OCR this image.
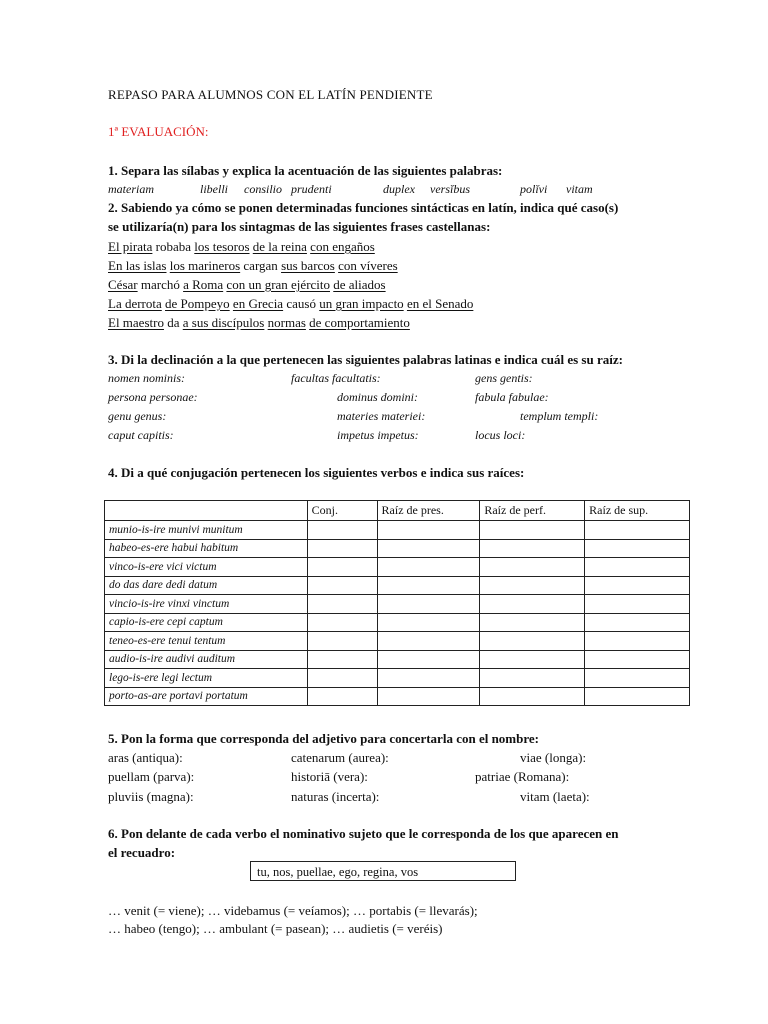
REPASO PARA ALUMNOS CON EL LATÍN PENDIENTE
1ª EVALUACIÓN:
1. Separa las sílabas y explica la acentuación de las siguientes palabras:
materiam	libelli consilio prudenti	duplex versĭbus	polĭvi vitam
2. Sabiendo ya cómo se ponen determinadas funciones sintácticas en latín, indica qué caso(s)
se utilizaría(n) para los sintagmas de las siguientes frases castellanas:
El pirata robaba los tesoros de la reina con engaños
En las islas los marineros cargan sus barcos con víveres
César marchó a Roma con un gran ejército de aliados
La derrota de Pompeyo en Grecia causó un gran impacto en el Senado
El maestro da a sus discípulos normas de comportamiento
3. Di la declinación a la que pertenecen las siguientes palabras latinas e indica cuál es su raíz:
nomen nominis:	facultas facultatis:	gens gentis:
persona personae:	dominus domini:	fabula fabulae:
genu genus:	materies materiei:	templum templi:
caput capitis:	impetus impetus:	locus loci:
4. Di a qué conjugación pertenecen los siguientes verbos e indica sus raíces:
	Conj.	Raíz de pres.	Raíz de perf.	Raíz de sup.
munio-is-ire munivi munitum				
habeo-es-ere habui habitum				
vinco-is-ere vici victum				
do das dare dedi datum				
vincio-is-ire vinxi vinctum				
capio-is-ere cepi captum				
teneo-es-ere tenui tentum				
audio-is-ire audivi auditum				
lego-is-ere legi lectum				
porto-as-are portavi portatum				
5. Pon la forma que corresponda del adjetivo para concertarla con el nombre:
aras (antiqua):	catenarum (aurea):	viae (longa):
puellam (parva):	historiā (vera):	patriae (Romana):
pluviis (magna):	naturas (incerta):	vitam (laeta):
6. Pon delante de cada verbo el nominativo sujeto que le corresponda de los que aparecen en
el recuadro:
tu, nos, puellae, ego, regina, vos
… venit (= viene); … videbamus (= veíamos); … portabis (= llevarás);
… habeo (tengo); … ambulant (= pasean); … audietis (= veréis)
